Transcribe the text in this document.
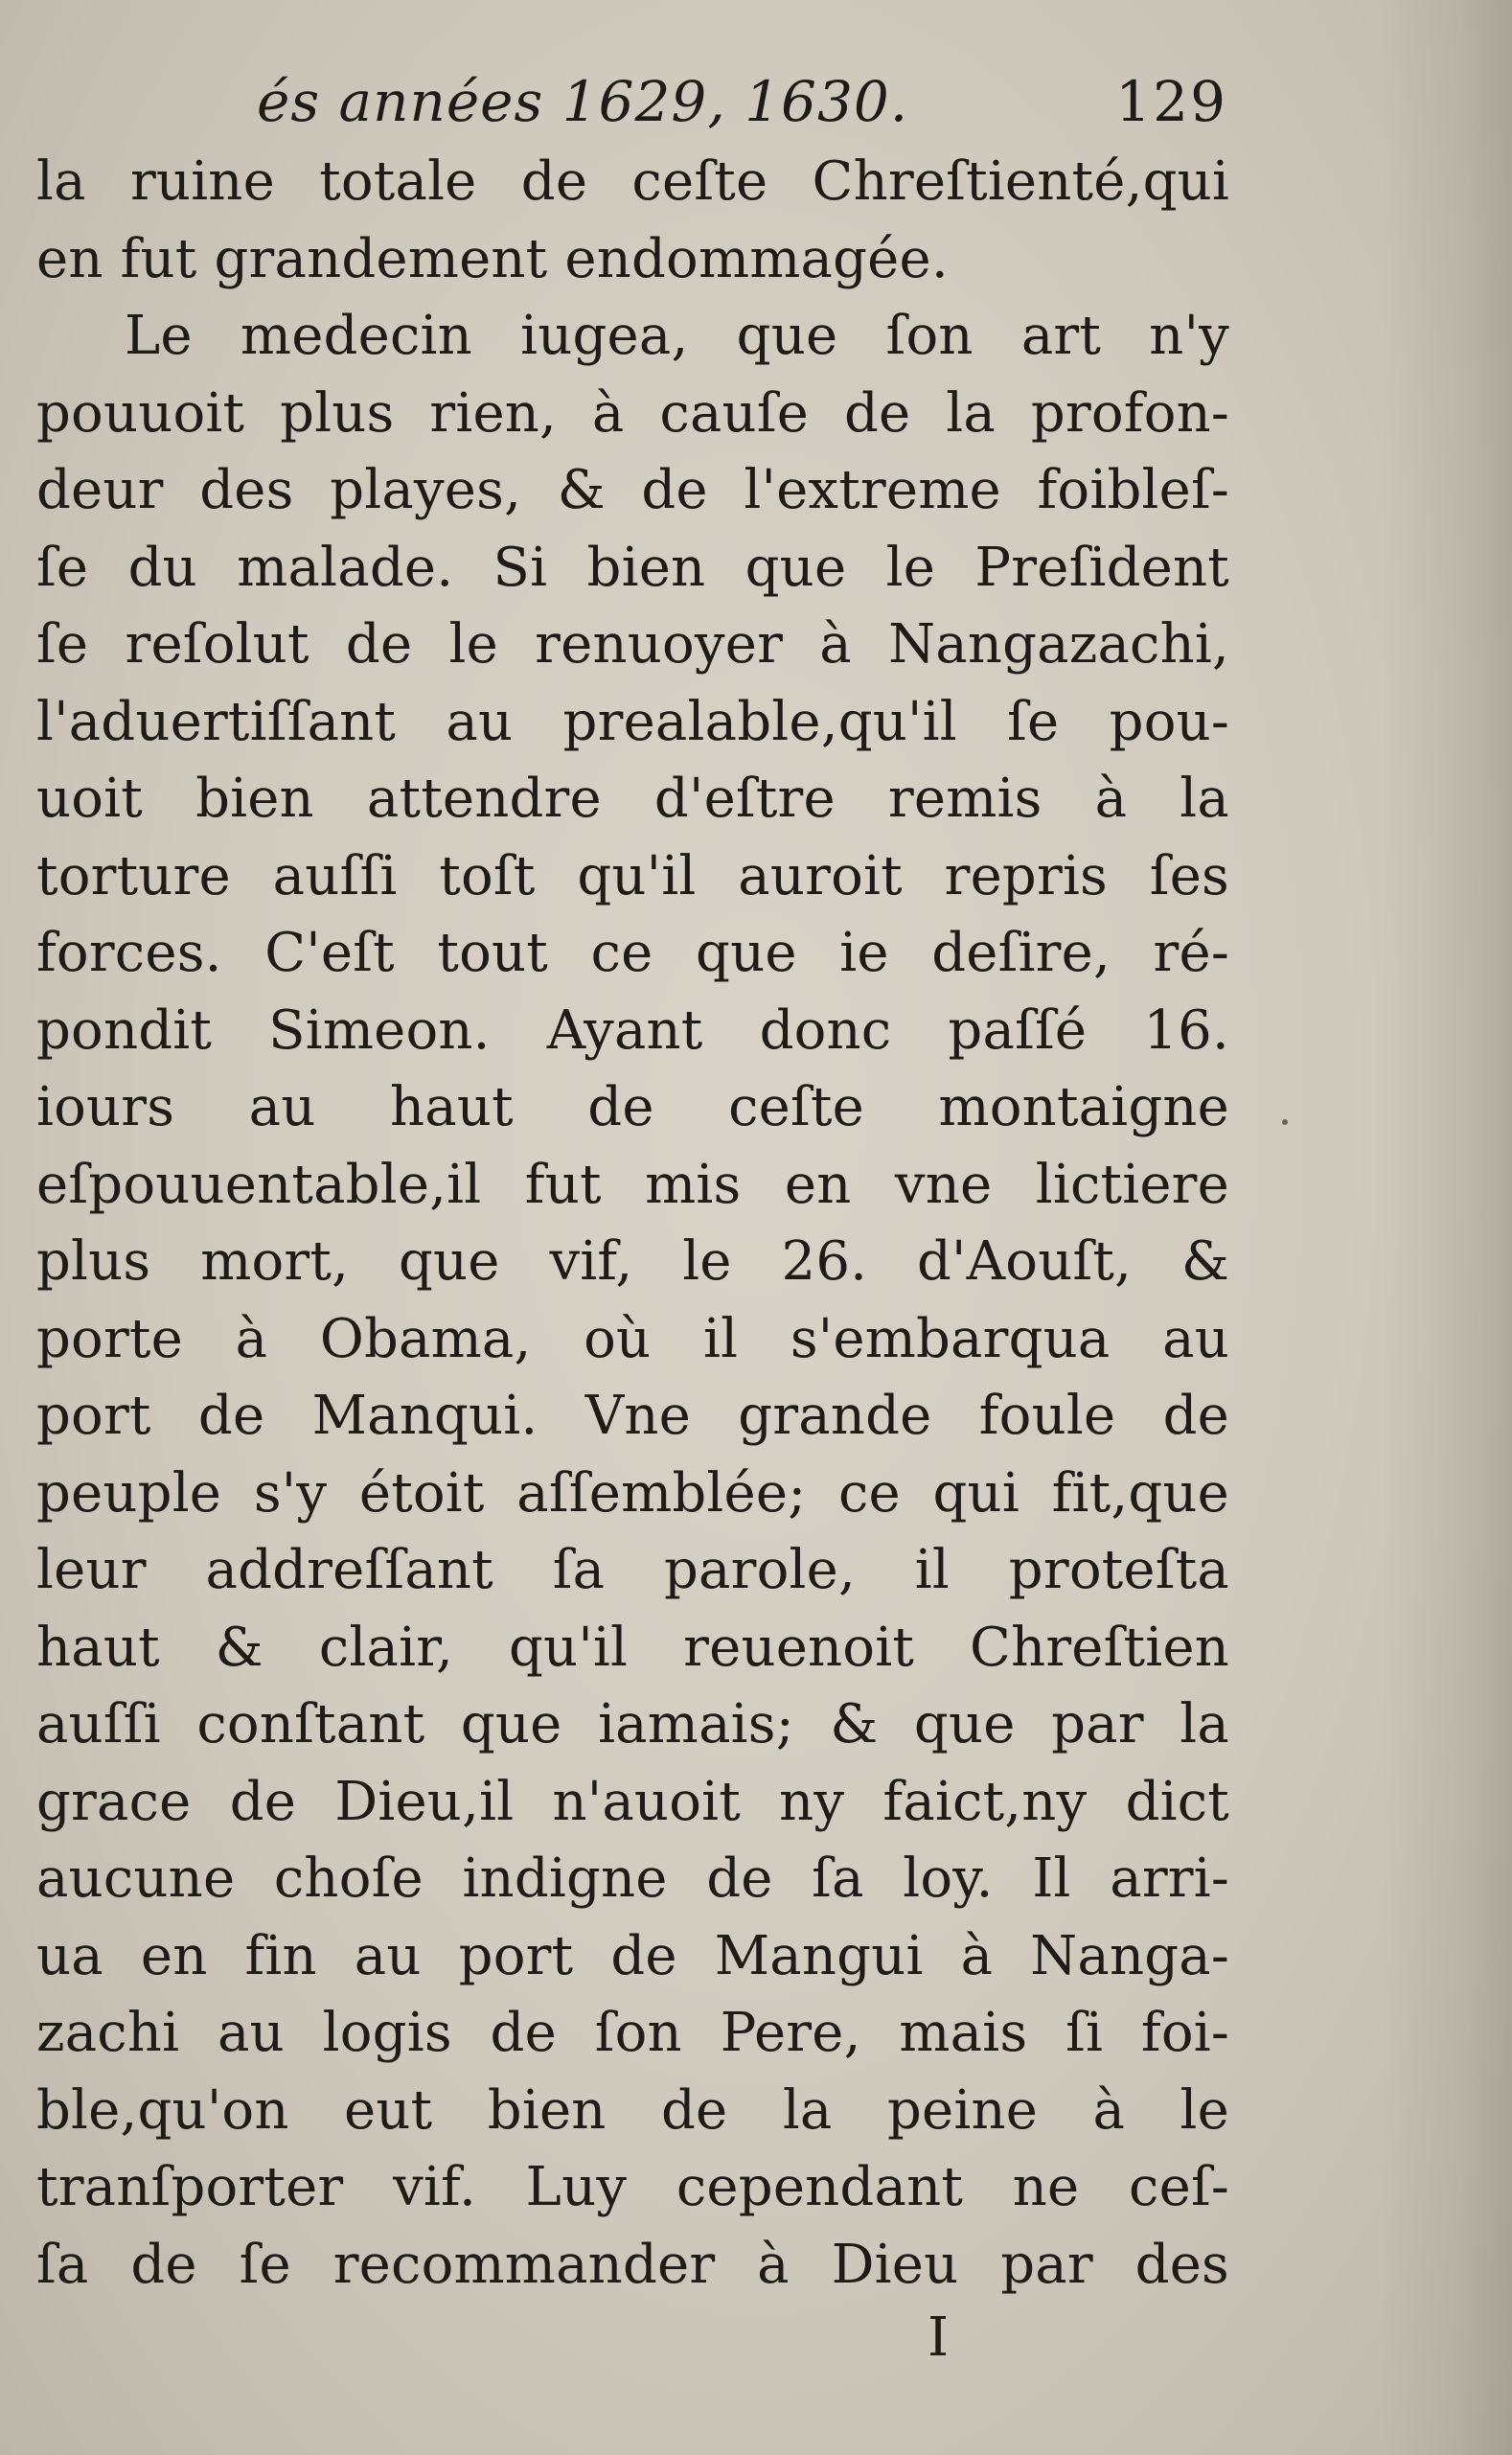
és années 1629, 1630.	129
la ruine totale de ceſte Chreſtienté,qui
en fut grandement endommagée.
Le medecin iugea, que ſon art n'y
pouuoit plus rien, à cauſe de la profon-
deur des playes, & de l'extreme foibleſ-
ſe du malade. Si bien que le Preſident
ſe reſolut de le renuoyer à Nangazachi,
l'aduertiſſant au prealable,qu'il ſe pou-
uoit bien attendre d'eſtre remis à la
torture auſſi toſt qu'il auroit repris ſes
forces. C'eſt tout ce que ie deſire, ré-
pondit Simeon. Ayant donc paſſé 16.
iours au haut de ceſte montaigne
eſpouuentable,il fut mis en vne lictiere
plus mort, que vif, le 26. d'Aouſt, &
porte à Obama, où il s'embarqua au
port de Manqui. Vne grande foule de
peuple s'y étoit aſſemblée; ce qui fit,que
leur addreſſant ſa parole, il proteſta
haut & clair, qu'il reuenoit Chreſtien
auſſi conſtant que iamais; & que par la
grace de Dieu,il n'auoit ny faict,ny dict
aucune choſe indigne de ſa loy. Il arri-
ua en fin au port de Mangui à Nanga-
zachi au logis de ſon Pere, mais ſi foi-
ble,qu'on eut bien de la peine à le
tranſporter vif. Luy cependant ne ceſ-
ſa de ſe recommander à Dieu par des
I
